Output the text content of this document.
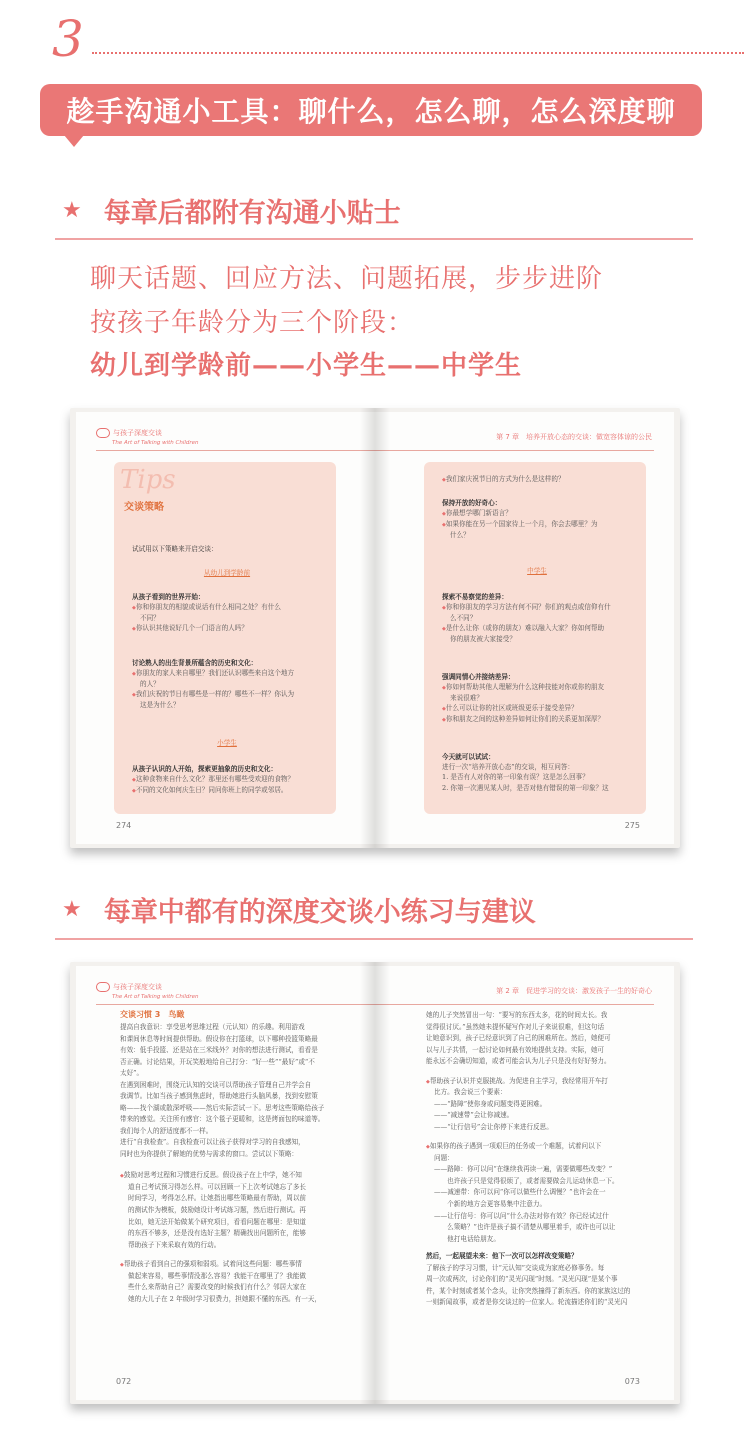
3
趁手沟通小工具：聊什么，怎么聊，怎么深度聊
★ 每章后都附有沟通小贴士
聊天话题、回应方法、问题拓展，步步进阶
按孩子年龄分为三个阶段：
幼儿到学龄前——小学生——中学生
与孩子深度交谈
The Art of Talking with Children
Tips
交谈策略
试试用以下策略来开启交谈：
从幼儿到学龄前
从孩子看到的世界开始：
◆ 你和你朋友的相貌或说话有什么相同之处？有什么
不同？
◆ 你认识其他说好几个一门语言的人吗？
讨论熟人的出生背景所蕴含的历史和文化：
◆ 你朋友的家人来自哪里？我们还认识哪些来自这个地方
的人？
◆ 我们庆祝的节日有哪些是一样的？哪些不一样？你认为
这是为什么？
小学生
从孩子认识的人开始，探索更抽象的历史和文化：
◆ 这种食物来自什么文化？那里还有哪些受欢迎的食物？
◆ 不同的文化如何庆生日？同问你班上的同学或邻居。
274
第 7 章　培养开放心态的交谈：做宽容体谅的公民
◆ 我们家庆祝节日的方式为什么是这样的？
保持开放的好奇心：
◆ 你最想学哪门新语言？
◆ 如果你能在另一个国家待上一个月，你会去哪里？为
什么？
中学生
探索不易察觉的差异：
◆ 你和你朋友的学习方法有何不同？你们的观点或信仰有什
么不同？
◆ 是什么让你（或你的朋友）难以融入大家？你如何帮助
你的朋友被大家接受？
强调同情心并接纳差异：
◆ 你如何帮助其他人理解为什么这种技能对你或你的朋友
来说很难？
◆ 什么可以让你的社区或班级更乐于接受差异？
◆ 你和朋友之间的这种差异如何让你们的关系更加深厚？
今天就可以试试：
进行一次“培养开放心态”的交谈，相互问答：
1. 是否有人对你的第一印象有误？这是怎么回事？
2. 你第一次遇见某人时，是否对他有错误的第一印象？这
275
★ 每章中都有的深度交谈小练习与建议
与孩子深度交谈
The Art of Talking with Children
交谈习惯 3　鸟瞰
提高自我意识：享受思考思维过程（元认知）的乐趣。利用游戏
和课间休息等时间提供帮助。假设你在打篮球，以下哪种投篮策略最
有效：低手投篮、还是站在三米线外？对你的想法进行测试，看看是
否正确。讨论结果，开玩笑般地给自己打分：“好一些”“最好”或“不
太好”。
在遇到困难时，围绕元认知的交谈可以帮助孩子管理自己并学会自
我调节。比如当孩子感到焦虑时，帮助她进行头脑风暴，找到安慰策
略——找个湖或散深呼吸——然后实际尝试一下。思考这些策略给孩子
带来的感觉。关注所有感官：这个毯子更暖和，这是烤面包的味道等。
我们每个人的舒适度都不一样。
进行“自我检查”。自我检查可以让孩子获得对学习的自我感知，
同时也为你提供了解她的优势与需求的窗口。尝试以下策略：
◆ 鼓励对思考过程和习惯进行反思。假设孩子在上中学，她不知
道自己考试预习得怎么样。可以回顾一下上次考试她忘了多长
时间学习，考得怎么样。让她指出哪些策略最有帮助，周以前
的测试作为模板，鼓励她设计考试练习题，然后进行测试。再
比如，她无法开始做某个研究项目，看看问题在哪里：是知道
的东西不够多，还是没有选好主题？精确找出问题所在，能够
帮助孩子下来采取有效的行动。
◆ 帮助孩子看到自己的强项和弱项。试着问这些问题：哪些事情
做起来容易，哪些事情没那么容易？我能干在哪里了？我能做
些什么来帮助自己？需要改变的时候我们有什么？邻居大家在
她的大儿子在 2 年级时学习很费力，担她跟不懂的东西。有一天，
072
第 2 章　促进学习的交谈：激发孩子一生的好奇心
她的儿子突然冒出一句：“要写的东西太多，花的时间太长。我
觉得很讨厌。”虽然她未提怀疑写作对儿子来说很难，但这句话
让她意识到，孩子已经意识到了自己的困难所在。然后，她便可
以与儿子共情，一起讨论如何最有效地提供支持。实际，她可
能永远不会确切知道，或者可能会认为儿子只是没有好好努力。
◆ 帮助孩子认识并克服挑战。为促进自主学习，我经常用开车打
比方。我会说三个要素：
——“路障”使你身或问题变得更困难。
——“减速带”会让你减速。
——“让行信号”会让你停下来进行反思。
◆ 如果你的孩子遇到一项艰巨的任务或一个难题，试着问以下
问题：
——路障：你可以问“在继续我再读一遍，需要做哪些改变？”
　　也许孩子只是觉得很烦了，或者需要做会儿运动休息一下。
——减速带：你可以问“你可以做些什么调慢？”也许会在一
　　个新的地方会更容易集中注意力。
——让行信号：你可以问“什么办法对你有效？你已经试过什
　　么策略？”也许是孩子搞不清楚从哪里着手，或许也可以让
　　他打电话给朋友。
然后，一起展望未来：他下一次可以怎样改变策略？
了解孩子的学习习惯，计“元认知”交谈成为家庭必修事务。每
周一次或两次，讨论你们的“灵光闪现”时刻。“灵光闪现”是某个事
件，某个时刻或者某个念头，让你突然撞得了新东西。你的家族这过的
一则新闻故事，或者是你交谈过的一位家人。轮流描述你们的“灵光闪
073
